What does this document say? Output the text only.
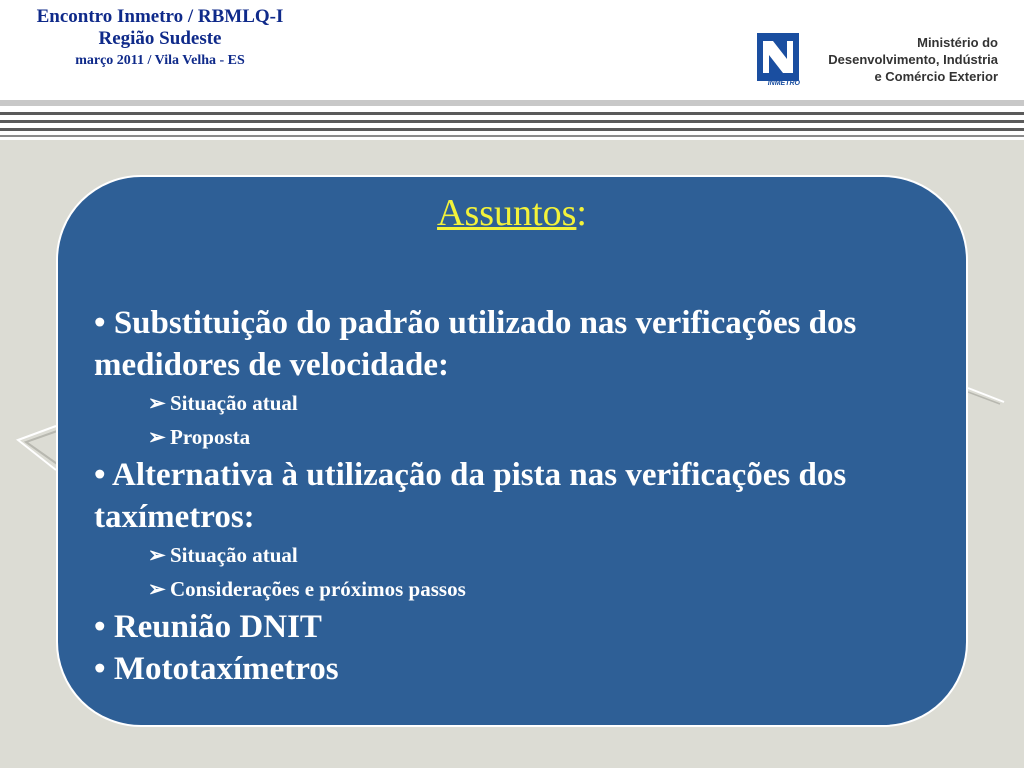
Encontro Inmetro / RBMLQ-I
Região Sudeste
março 2011 / Vila Velha - ES
INMETRO
Ministério do
Desenvolvimento, Indústria
e Comércio Exterior
Assuntos:
• Substituição do padrão utilizado nas verificações dos medidores de velocidade:
➢ Situação atual
➢ Proposta
• Alternativa à utilização da pista nas verificações dos taxímetros:
➢ Situação atual
➢ Considerações e próximos passos
• Reunião DNIT
• Mototaxímetros
